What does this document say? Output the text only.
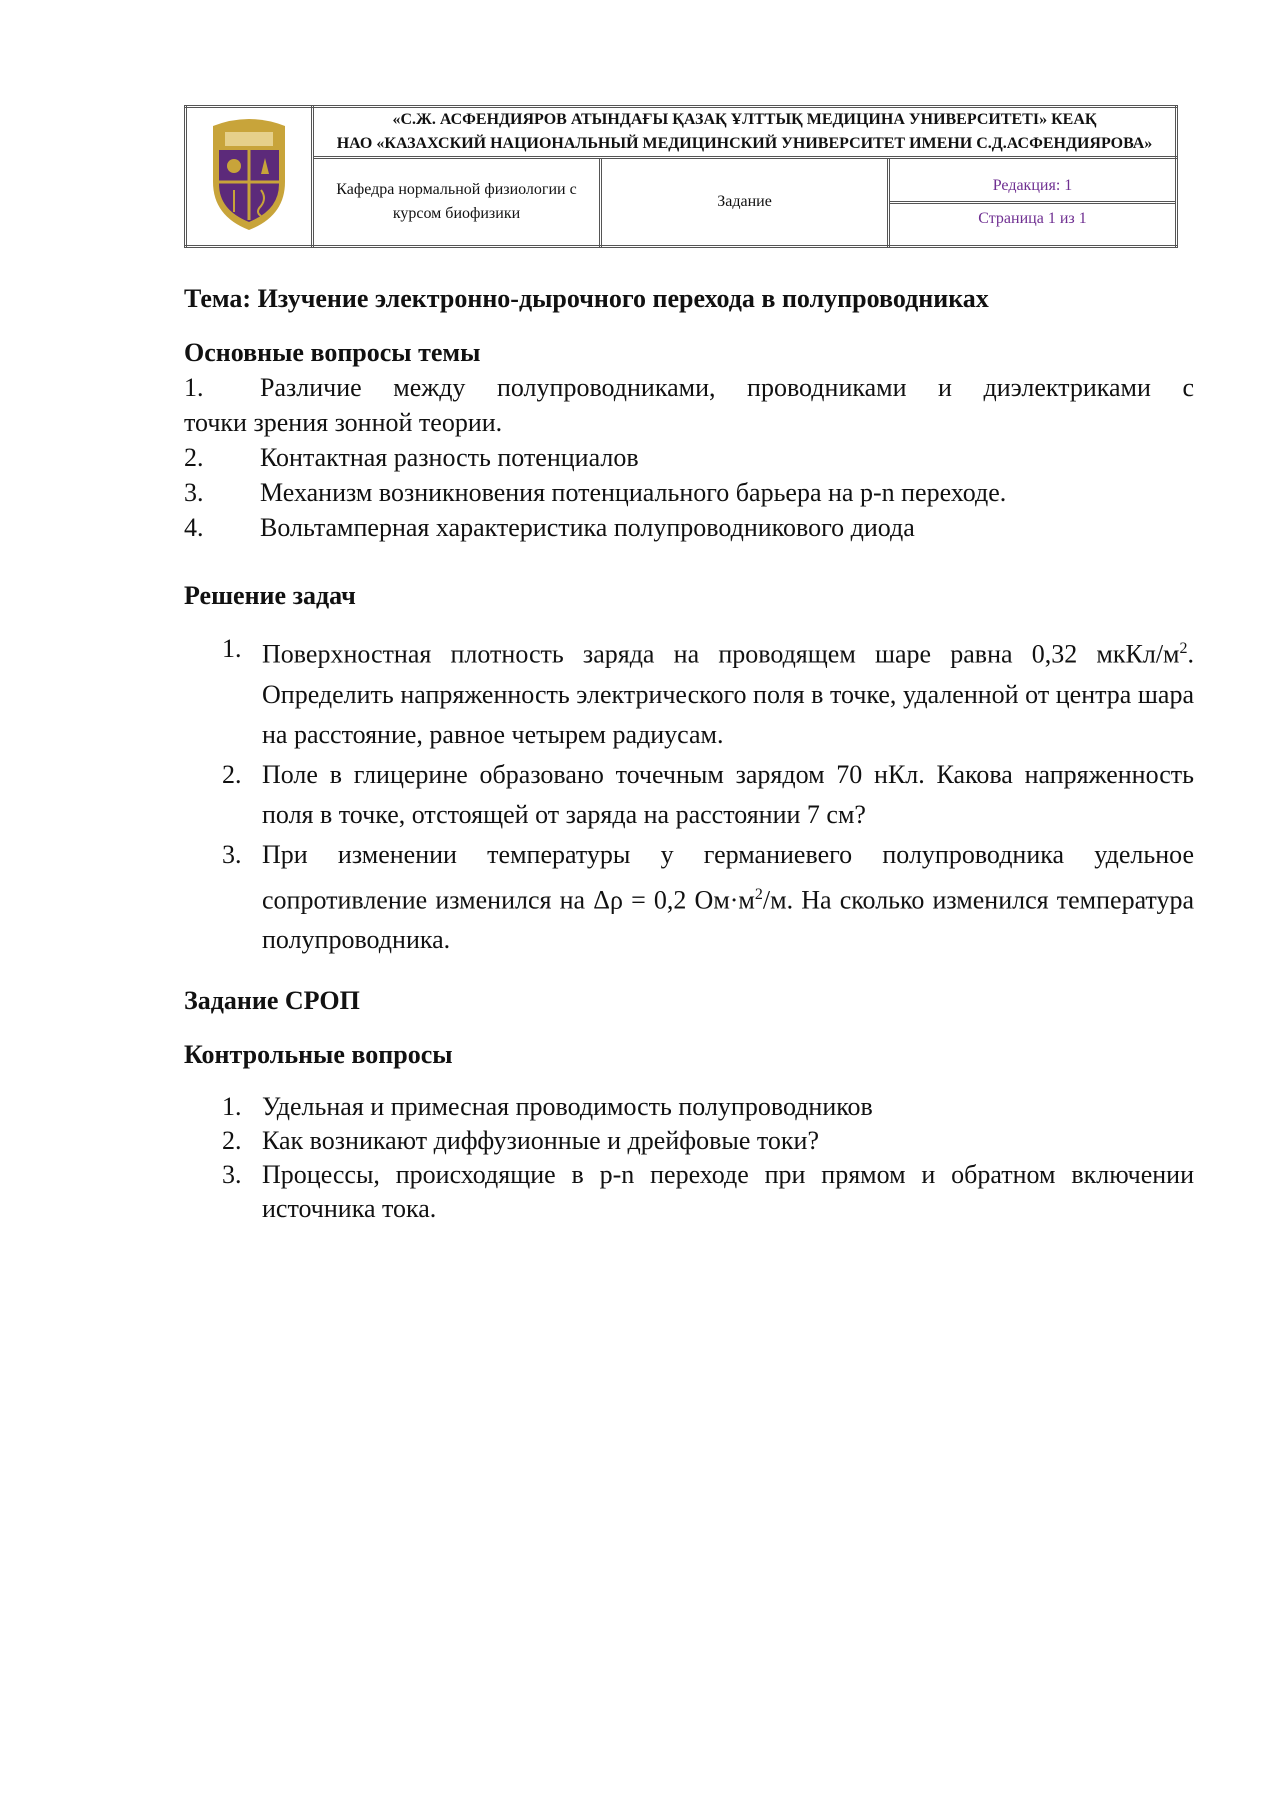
«С.Ж. АСФЕНДИЯРОВ АТЫНДАҒЫ ҚАЗАҚ ҰЛТТЫҚ МЕДИЦИНА УНИВЕРСИТЕТІ» КЕАҚ
НАО «КАЗАХСКИЙ НАЦИОНАЛЬНЫЙ МЕДИЦИНСКИЙ УНИВЕРСИТЕТ ИМЕНИ С.Д.АСФЕНДИЯРОВА»		

	Кафедра нормальной физиологии с курсом биофизики	Задание	Редакция: 1
Страница 1 из 1
Тема: Изучение электронно-дырочного перехода в полупроводниках
Основные вопросы темы
1.	Различие между полупроводниками, проводниками и диэлектриками с
точки зрения зонной теории.
2.	Контактная разность потенциалов
3.	Механизм возникновения потенциального барьера на p-n переходе.
4.	Вольтамперная характеристика полупроводникового диода
Решение задач
1. Поверхностная плотность заряда на проводящем шаре равна 0,32 мкКл/$м^2$. Определить напряженность электрического поля в точке, удаленной от центра шара на расстояние, равное четырем радиусам.
2. Поле в глицерине образовано точечным зарядом 70 нКл. Какова напряженность поля в точке, отстоящей от заряда на расстоянии 7 см?
3. При изменении температуры у германиевего полупроводника удельное сопротивление изменился на Δρ = 0,2 $Ом\cdot м^2/м$. На сколько изменился температура полупроводника.
Задание СРОП
Контрольные вопросы
1. Удельная и примесная проводимость полупроводников
2. Как возникают диффузионные и дрейфовые токи?
3. Процессы, происходящие в p-n переходе при прямом и обратном включении источника тока.
